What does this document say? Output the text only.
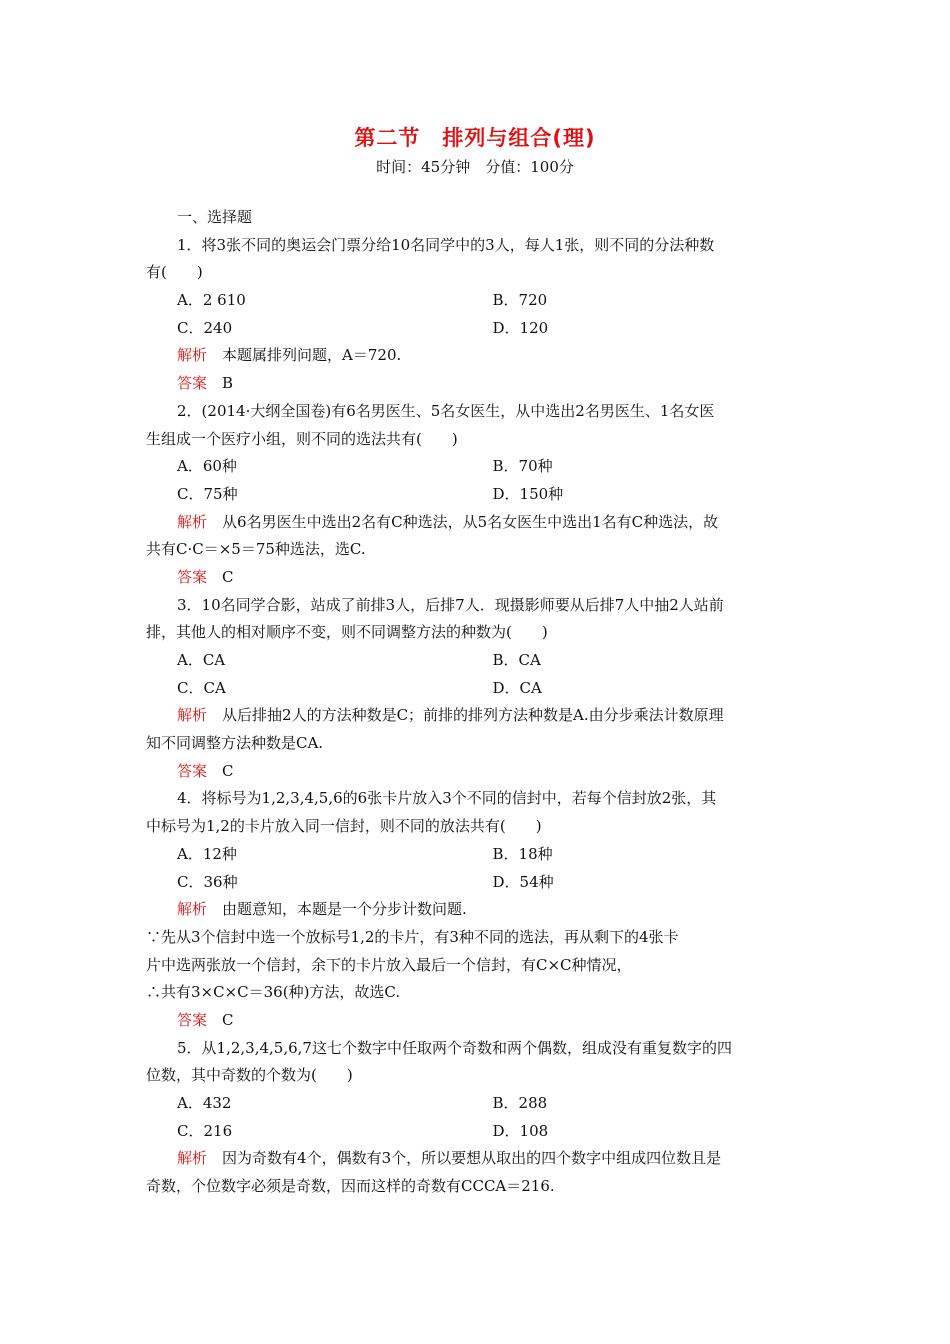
第二节　排列与组合(理)
时间：45分钟　分值：100分
一、选择题
1．将3张不同的奥运会门票分给10名同学中的3人，每人1张，则不同的分法种数
有(　　)
A．2 610	B．720
C．240	D．120
解析　 本题属排列问题，A＝720.
答案　 B
2．(2014·大纲全国卷)有6名男医生、5名女医生，从中选出2名男医生、1名女医
生组成一个医疗小组，则不同的选法共有(　　)
A．60种	B．70种
C．75种	D．150种
解析　 从6名男医生中选出2名有C种选法，从5名女医生中选出1名有C种选法，故
共有C·C＝×5＝75种选法，选C.
答案　 C
3．10名同学合影，站成了前排3人，后排7人．现摄影师要从后排7人中抽2人站前
排，其他人的相对顺序不变，则不同调整方法的种数为(　　)
A．CA	B．CA
C．CA	D．CA
解析　 从后排抽2人的方法种数是C；前排的排列方法种数是A.由分步乘法计数原理
知不同调整方法种数是CA.
答案　 C
4．将标号为1,2,3,4,5,6的6张卡片放入3个不同的信封中，若每个信封放2张，其
中标号为1,2的卡片放入同一信封，则不同的放法共有(　　)
A．12种	B．18种
C．36种	D．54种
解析　 由题意知，本题是一个分步计数问题.
∵先从3个信封中选一个放标号1,2的卡片，有3种不同的选法，再从剩下的4张卡
片中选两张放一个信封，余下的卡片放入最后一个信封，有C×C种情况，
∴共有3×C×C＝36(种)方法，故选C.
答案　 C
5．从1,2,3,4,5,6,7这七个数字中任取两个奇数和两个偶数，组成没有重复数字的四
位数，其中奇数的个数为(　　)
A．432	B．288
C．216	D．108
解析　 因为奇数有4个，偶数有3个，所以要想从取出的四个数字中组成四位数且是
奇数，个位数字必须是奇数，因而这样的奇数有CCCA＝216.
